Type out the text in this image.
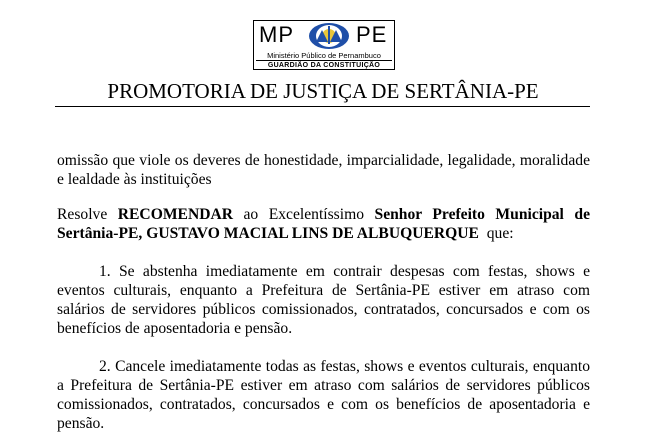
MP	PE
Ministério Público de Pernambuco
GUARDIÃO DA CONSTITUIÇÃO
PROMOTORIA DE JUSTIÇA DE SERTÂNIA-PE
omissão que viole os deveres de honestidade, imparcialidade, legalidade, moralidade e lealdade às instituições
Resolve RECOMENDAR ao Excelentíssimo Senhor Prefeito Municipal de Sertânia-PE, GUSTAVO MACIAL LINS DE ALBUQUERQUE  que:
1. Se abstenha imediatamente em contrair despesas com festas, shows e eventos culturais, enquanto a Prefeitura de Sertânia-PE estiver em atraso com salários de servidores públicos comissionados, contratados, concursados e com os benefícios de aposentadoria e pensão.
2. Cancele imediatamente todas as festas, shows e eventos culturais, enquanto a Prefeitura de Sertânia-PE estiver em atraso com salários de servidores públicos comissionados, contratados, concursados e com os benefícios de aposentadoria e pensão.
